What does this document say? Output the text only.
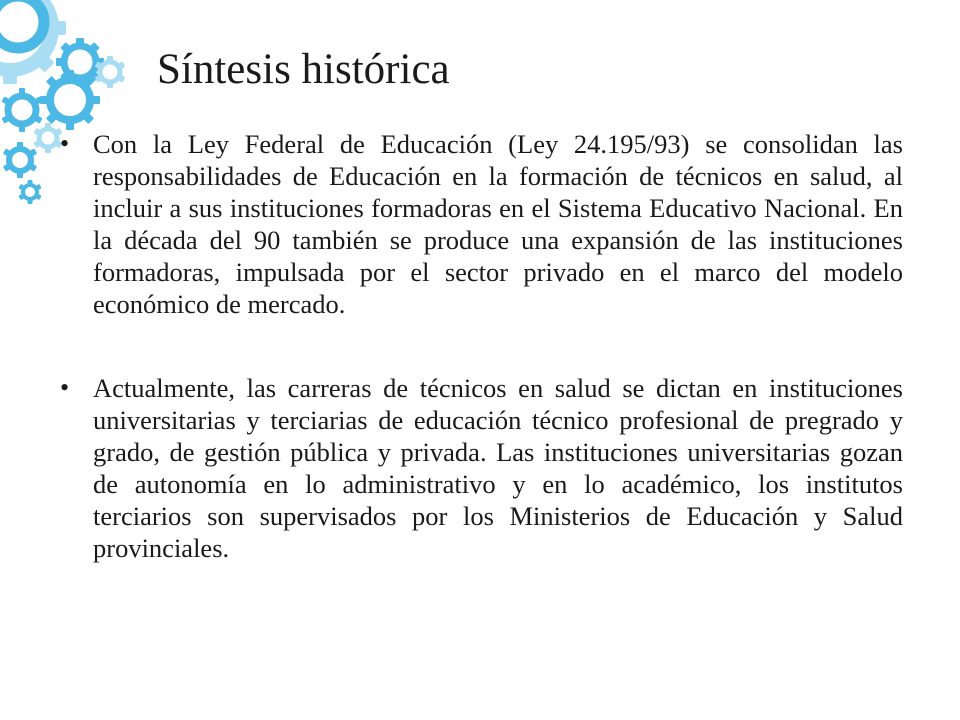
Síntesis histórica
• Con la Ley Federal de Educación (Ley 24.195/93) se consolidan las responsabilidades de Educación en la formación de técnicos en salud, al incluir a sus instituciones formadoras en el Sistema Educativo Nacional. En la década del 90 también se produce una expansión de las instituciones formadoras, impulsada por el sector privado en el marco del modelo económico de mercado.
• Actualmente, las carreras de técnicos en salud se dictan en instituciones universitarias y terciarias de educación técnico profesional de pregrado y grado, de gestión pública y privada. Las instituciones universitarias gozan de autonomía en lo administrativo y en lo académico, los institutos terciarios son supervisados por los Ministerios de Educación y Salud provinciales.
